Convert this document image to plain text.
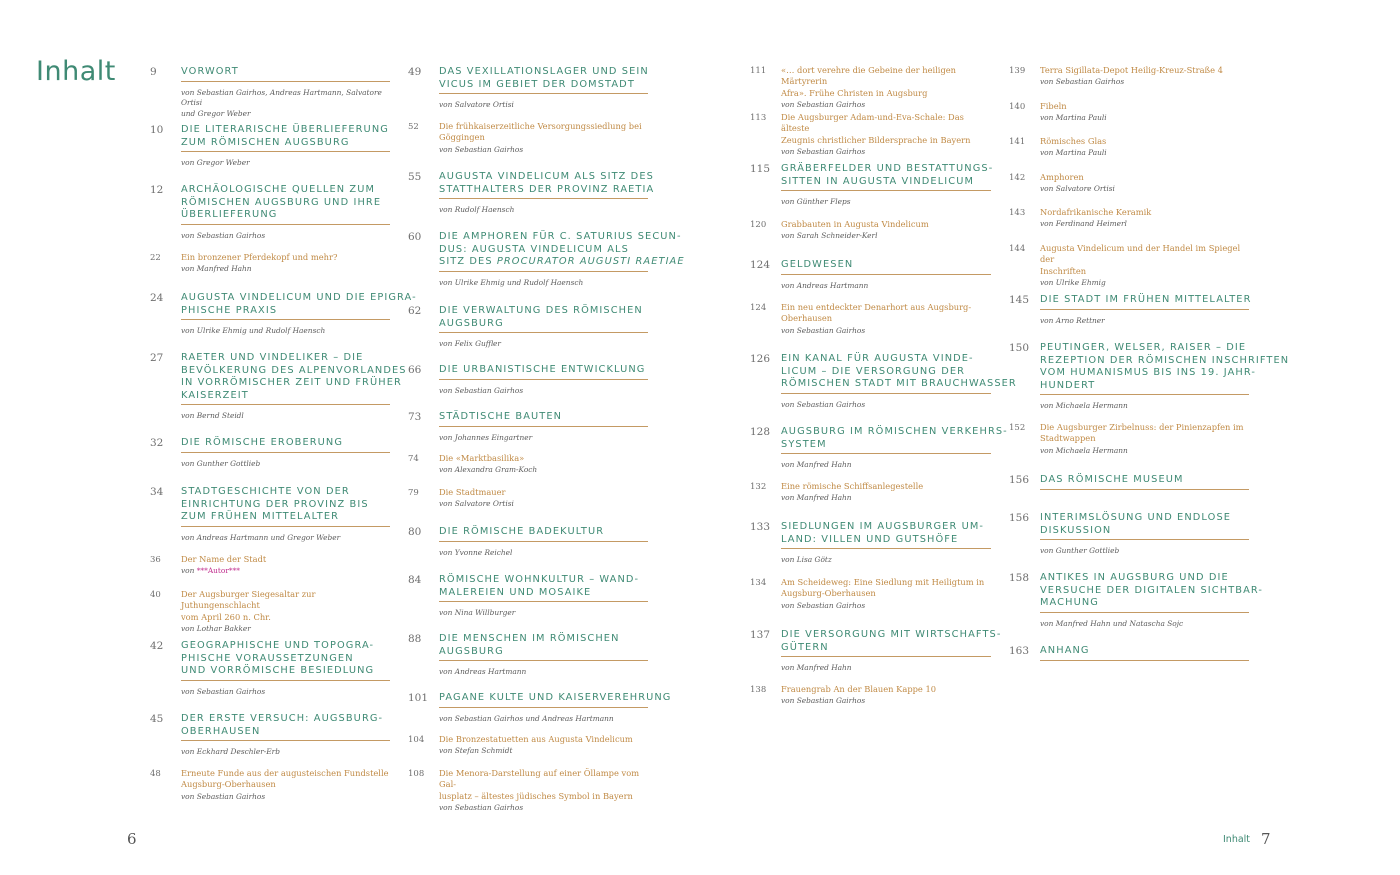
Inhalt	9 VORWORT
von Sebastian Gairhos, Andreas Hartmann, Salvatore Ortisi
und Gregor Weber
10 DIE LITERARISCHE ÜBERLIEFERUNG
ZUM RÖMISCHEN AUGSBURG
von Gregor Weber
12 ARCHÄOLOGISCHE QUELLEN ZUM
RÖMISCHEN AUGSBURG UND IHRE
ÜBERLIEFERUNG
von Sebastian Gairhos
22 Ein bronzener Pferdekopf und mehr?
von Manfred Hahn
24 AUGUSTA VINDELICUM UND DIE EPIGRA-
PHISCHE PRAXIS
von Ulrike Ehmig und Rudolf Haensch
27 RAETER UND VINDELIKER – DIE
BEVÖLKERUNG DES ALPENVORLANDES
IN VORRÖMISCHER ZEIT UND FRÜHER
KAISERZEIT
von Bernd Steidl
32 DIE RÖMISCHE EROBERUNG
von Gunther Gottlieb
34 STADTGESCHICHTE VON DER
EINRICHTUNG DER PROVINZ BIS
ZUM FRÜHEN MITTELALTER
von Andreas Hartmann und Gregor Weber
36 Der Name der Stadt
von ***Autor***
40 Der Augsburger Siegesaltar zur Juthungenschlacht
vom April 260 n. Chr.
von Lothar Bakker
42 GEOGRAPHISCHE UND TOPOGRA-
PHISCHE VORAUSSETZUNGEN
UND VORRÖMISCHE BESIEDLUNG
von Sebastian Gairhos
45 DER ERSTE VERSUCH: AUGSBURG-
OBERHAUSEN
von Eckhard Deschler-Erb
48 Erneute Funde aus der augusteischen Fundstelle
Augsburg-Oberhausen
von Sebastian Gairhos
49 DAS VEXILLATIONSLAGER UND SEIN
VICUS IM GEBIET DER DOMSTADT
von Salvatore Ortisi
52 Die frühkaiserzeitliche Versorgungssiedlung bei
Göggingen
von Sebastian Gairhos
55 AUGUSTA VINDELICUM ALS SITZ DES
STATTHALTERS DER PROVINZ RAETIA
von Rudolf Haensch
60 DIE AMPHOREN FÜR C. SATURIUS SECUN-
DUS: AUGUSTA VINDELICUM ALS
SITZ DES PROCURATOR AUGUSTI RAETIAE
von Ulrike Ehmig und Rudolf Haensch
62 DIE VERWALTUNG DES RÖMISCHEN
AUGSBURG
von Felix Guffler
66 DIE URBANISTISCHE ENTWICKLUNG
von Sebastian Gairhos
73 STÄDTISCHE BAUTEN
von Johannes Eingartner
74 Die «Marktbasilika»
von Alexandra Gram-Koch
79 Die Stadtmauer
von Salvatore Ortisi
80 DIE RÖMISCHE BADEKULTUR
von Yvonne Reichel
84 RÖMISCHE WOHNKULTUR – WAND-
MALEREIEN UND MOSAIKE
von Nina Willburger
88 DIE MENSCHEN IM RÖMISCHEN
AUGSBURG
von Andreas Hartmann
101 PAGANE KULTE UND KAISERVEREHRUNG
von Sebastian Gairhos und Andreas Hartmann
104 Die Bronzestatuetten aus Augusta Vindelicum
von Stefan Schmidt
108 Die Menora-Darstellung auf einer Öllampe vom Gal-
lusplatz – ältestes jüdisches Symbol in Bayern
von Sebastian Gairhos
111 «… dort verehre die Gebeine der heiligen Märtyrerin
Afra». Frühe Christen in Augsburg
von Sebastian Gairhos
113 Die Augsburger Adam-und-Eva-Schale: Das älteste
Zeugnis christlicher Bildersprache in Bayern
von Sebastian Gairhos
115 GRÄBERFELDER UND BESTATTUNGS-
SITTEN IN AUGUSTA VINDELICUM
von Günther Fleps
120 Grabbauten in Augusta Vindelicum
von Sarah Schneider-Kerl
124 GELDWESEN
von Andreas Hartmann
124 Ein neu entdeckter Denarhort aus Augsburg-
Oberhausen
von Sebastian Gairhos
126 EIN KANAL FÜR AUGUSTA VINDE-
LICUM – DIE VERSORGUNG DER
RÖMISCHEN STADT MIT BRAUCHWASSER
von Sebastian Gairhos
128 AUGSBURG IM RÖMISCHEN VERKEHRS-
SYSTEM
von Manfred Hahn
132 Eine römische Schiffsanlegestelle
von Manfred Hahn
133 SIEDLUNGEN IM AUGSBURGER UM-
LAND: VILLEN UND GUTSHÖFE
von Lisa Götz
134 Am Scheideweg: Eine Siedlung mit Heiligtum in
Augsburg-Oberhausen
von Sebastian Gairhos
137 DIE VERSORGUNG MIT WIRTSCHAFTS-
GÜTERN
von Manfred Hahn
138 Frauengrab An der Blauen Kappe 10
von Sebastian Gairhos
139 Terra Sigillata-Depot Heilig-Kreuz-Straße 4
von Sebastian Gairhos
140 Fibeln
von Martina Pauli
141 Römisches Glas
von Martina Pauli
142 Amphoren
von Salvatore Ortisi
143 Nordafrikanische Keramik
von Ferdinand Heimerl
144 Augusta Vindelicum und der Handel im Spiegel der
Inschriften
von Ulrike Ehmig
145 DIE STADT IM FRÜHEN MITTELALTER
von Arno Rettner
150 PEUTINGER, WELSER, RAISER – DIE
REZEPTION DER RÖMISCHEN INSCHRIFTEN
VOM HUMANISMUS BIS INS 19. JAHR-
HUNDERT
von Michaela Hermann
152 Die Augsburger Zirbelnuss: der Pinienzapfen im
Stadtwappen
von Michaela Hermann
156 DAS RÖMISCHE MUSEUM
156 INTERIMSLÖSUNG UND ENDLOSE
DISKUSSION
von Gunther Gottlieb
158 ANTIKES IN AUGSBURG UND DIE
VERSUCHE DER DIGITALEN SICHTBAR-
MACHUNG
von Manfred Hahn und Natascha Sojc
163 ANHANG
6	Inhalt 7
